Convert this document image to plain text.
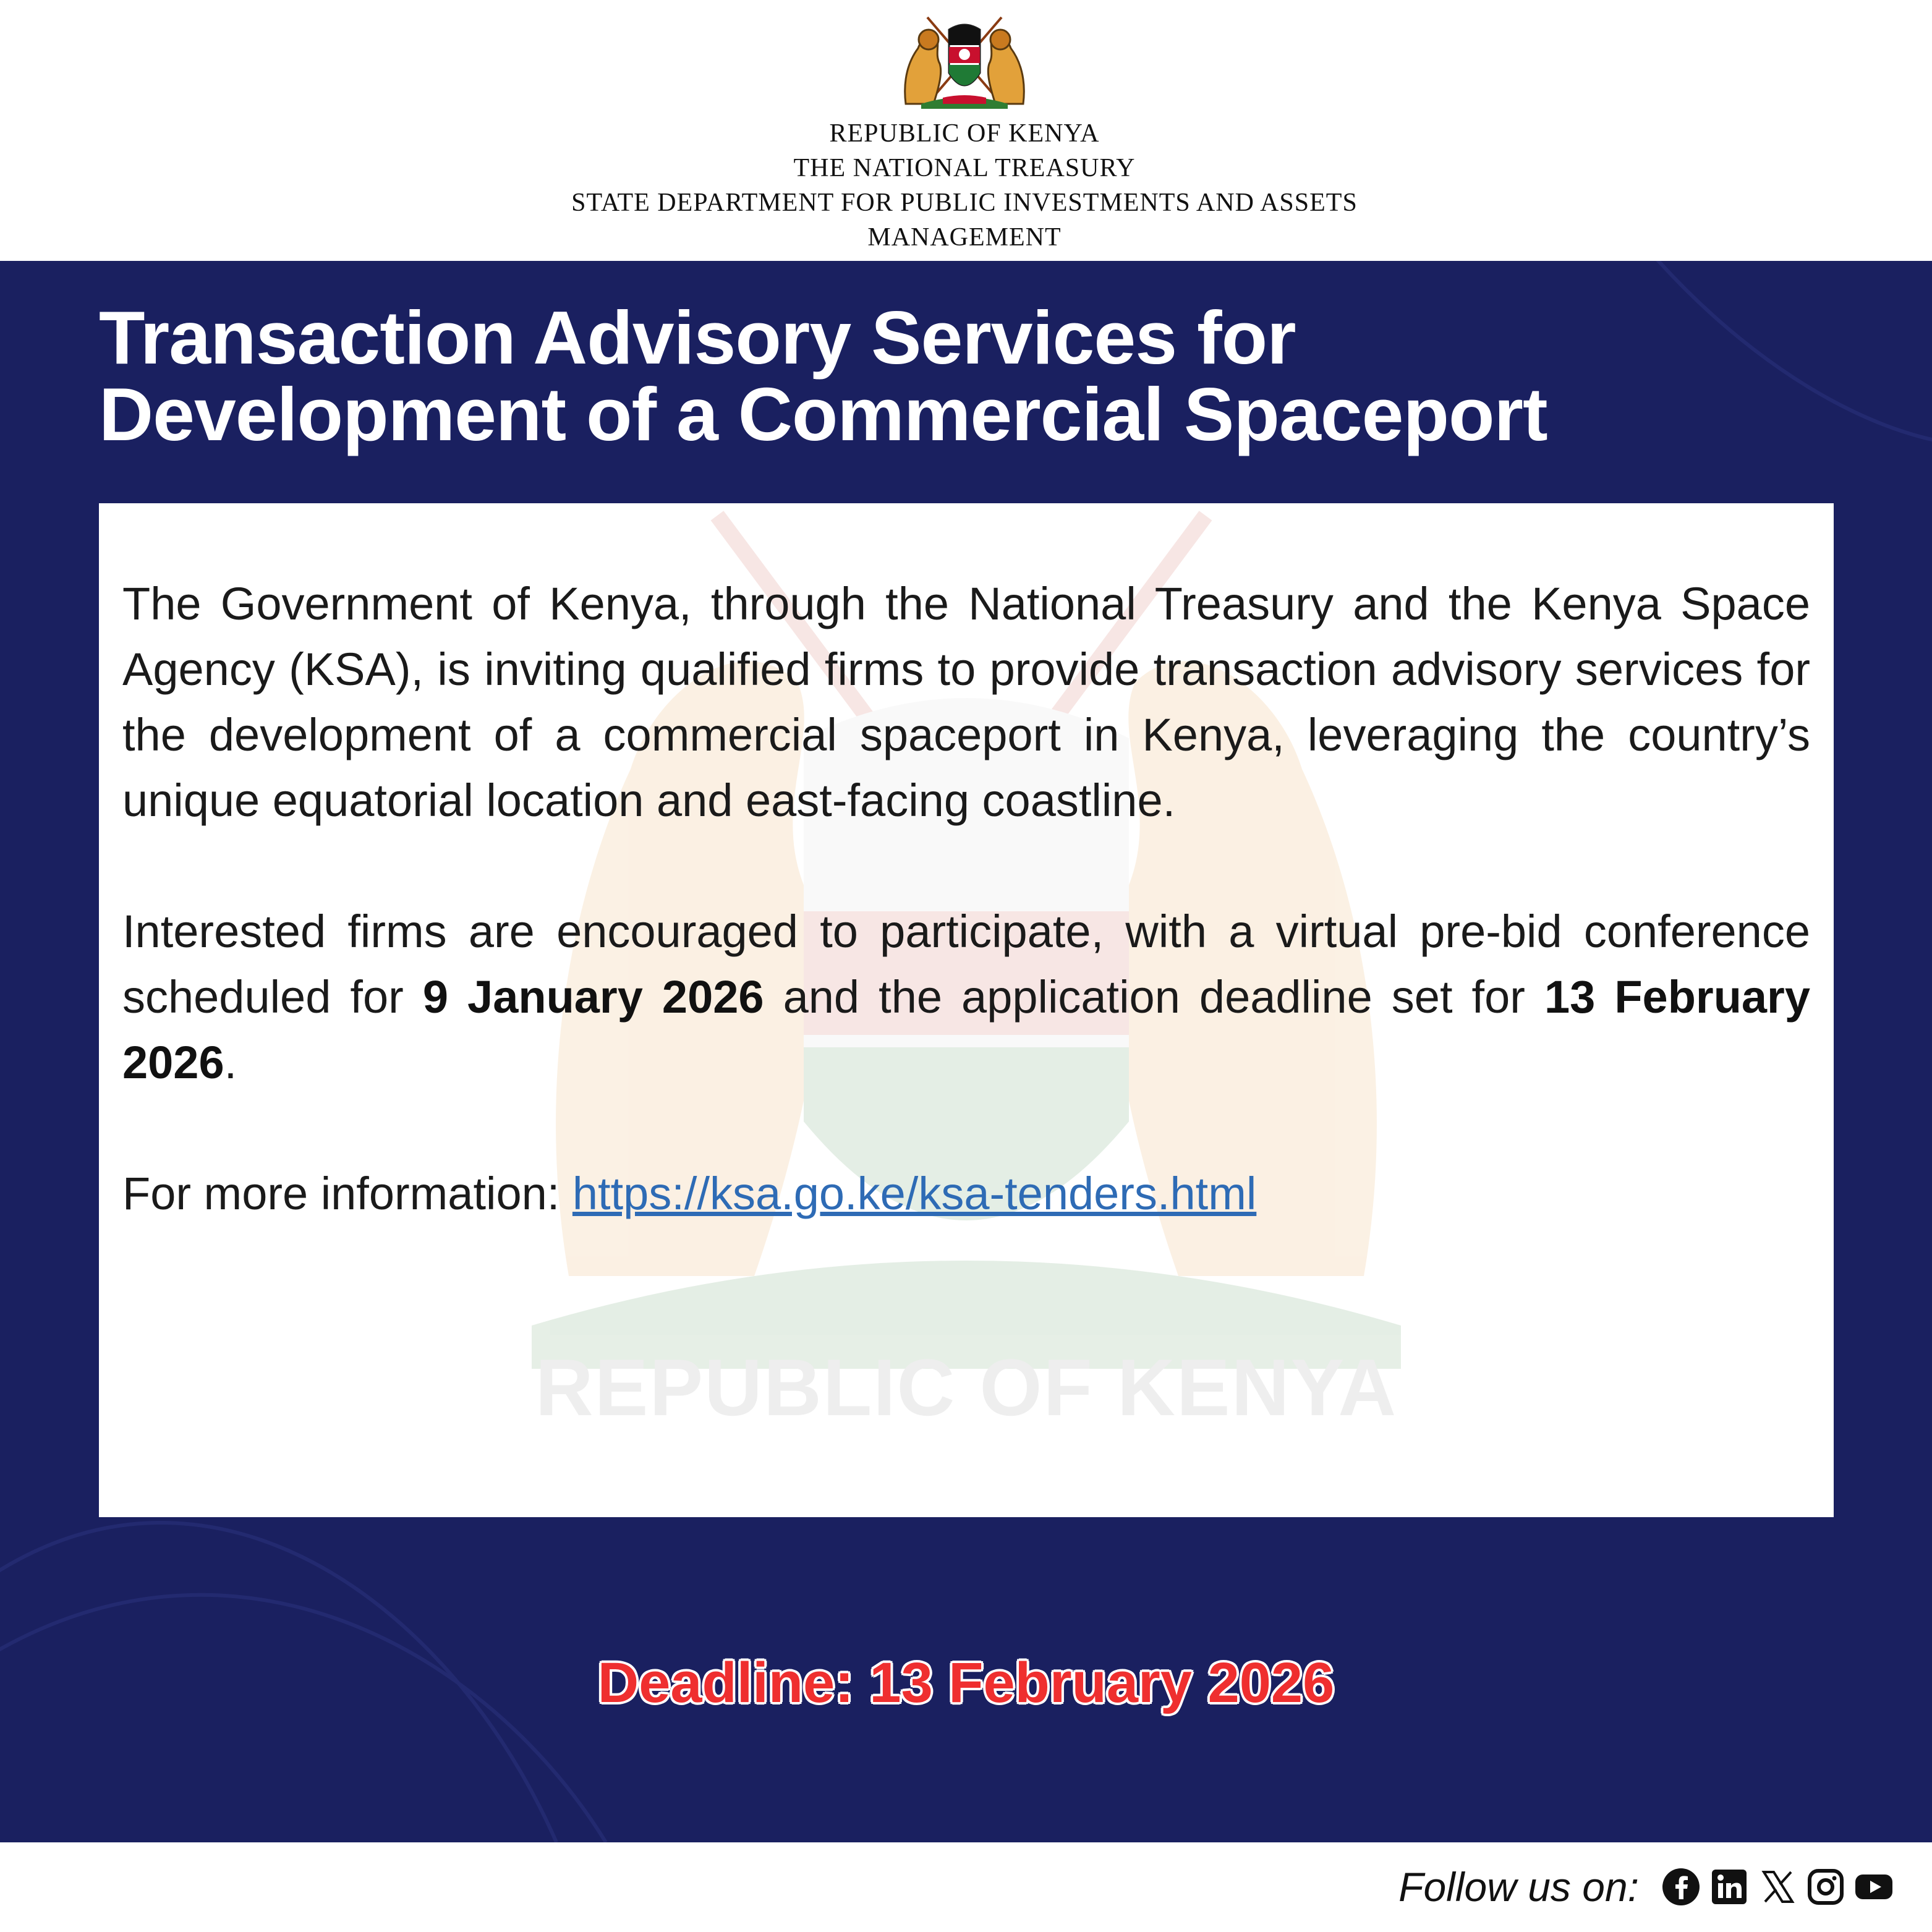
REPUBLIC OF KENYA
THE NATIONAL TREASURY
STATE DEPARTMENT FOR PUBLIC INVESTMENTS AND ASSETS
MANAGEMENT
Transaction Advisory Services for
Development of a Commercial Spaceport
REPUBLIC OF KENYA

The Government of Kenya, through the National Treasury and the Kenya Space Agency (KSA), is inviting qualified firms to provide transaction advisory services for the development of a commercial spaceport in Kenya, leveraging the country’s unique equatorial location and east-facing coastline.

Interested firms are encouraged to participate, with a virtual pre-bid conference scheduled for 9 January 2026 and the application deadline set for 13 February 2026.

For more information: https://ksa.go.ke/ksa-tenders.html

Deadline: 13 February 2026
Follow us on:
